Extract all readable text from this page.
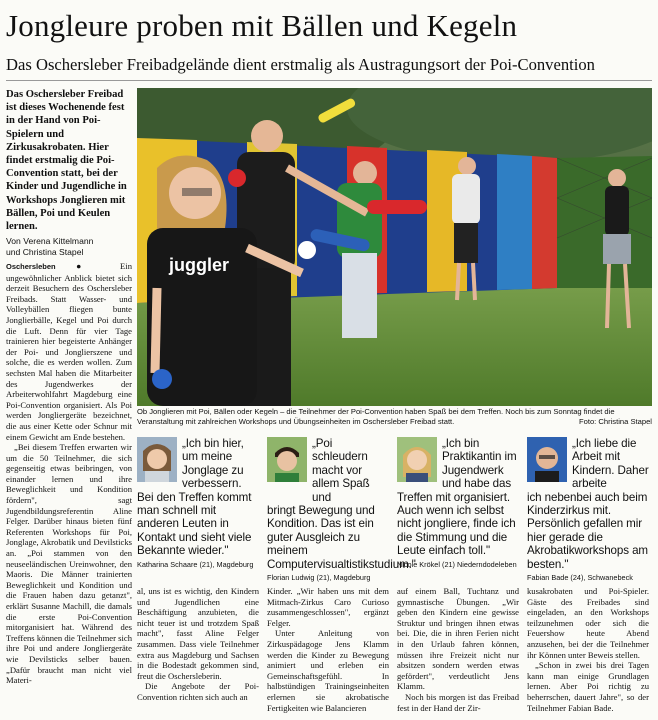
Jongleure proben mit Bällen und Kegeln
Das Oschersleber Freibadgelände dient erstmalig als Austragungsort der Poi-Convention
Das Oschersleber Freibad ist dieses Wochenende fest in der Hand von Poi-Spielern und Zirkusakrobaten. Hier findet erstmalig die Poi-Convention statt, bei der Kinder und Jugendliche in Workshops Jonglieren mit Bällen, Poi und Keulen lernen.
Von Verena Kittelmann
und Christina Stapel

Oschersleben ● Ein ungewöhnlicher Anblick bietet sich derzeit Besuchern des Oschersleber Freibads. Statt Wasser- und Volleybällen fliegen bunte Jonglierbälle, Kegel und Poi durch die Luft. Denn für vier Tage trainieren hier begeisterte Anhänger der Poi- und Jonglierszene und solche, die es werden wollen. Zum sechsten Mal haben die Mitarbeiter des Jugendwerkes der Arbeiterwohlfahrt Magdeburg eine Poi-Convention organisiert. Als Poi werden Jongliergeräte bezeichnet, die aus einer Kette oder Schnur mit einem Gewicht am Ende bestehen.

„Bei diesem Treffen erwarten wir um die 50 Teilnehmer, die sich gegenseitig etwas beibringen, von einander lernen und ihre Beweglichkeit und Kondition fördern", sagt Jugendbildungsreferentin Aline Felger. Darüber hinaus bieten fünf Referenten Workshops für Poi, Jonglage, Akrobatik und Devilsticks an. „Poi stammen von den neuseeländischen Ureinwohner, den Maoris. Die Männer trainierten Beweglichkeit und Kondition und die Frauen haben dazu getanzt", erklärt Susanne Machill, die damals die erste Poi-Convention mitorganisiert hat. Während des Treffens können die Teilnehmer sich ihre Poi und andere Jongliergeräte wie Devilsticks selber bauen. „Dafür braucht man nicht viel Materi-

juggler
Ob Jonglieren mit Poi, Bällen oder Kegeln – die Teilnehmer der Poi-Convention haben Spaß bei dem Treffen. Noch bis zum Sonntag findet die Veranstaltung mit zahlreichen Workshops und Übungseinheiten im Oschersleber Freibad statt.	Foto: Christina Stapel
„Ich bin hier, um meine Jonglage zu verbessern.
Bei den Treffen kommt man schnell mit anderen Leuten in Kontakt und sieht viele Bekannte wieder."
Katharina Schaare (21), Magdeburg
„Poi schleudern macht vor allem Spaß und
bringt Bewegung und Kondition. Das ist ein guter Ausgleich zu meinem Computervisualtistikstudium."
Florian Ludwig (21), Magdeburg
„Ich bin Praktikantin im Jugendwerk und habe das
Treffen mit organisiert. Auch wenn ich selbst nicht jongliere, finde ich die Stimmung und die Leute einfach toll."
Nicole Krökel (21) Niederndodeleben
„Ich liebe die Arbeit mit Kindern. Daher arbeite
ich nebenbei auch beim Kinderzirkus mit. Persönlich gefallen mir hier gerade die Akrobatikworkshops am besten."
Fabian Bade (24), Schwanebeck

al, uns ist es wichtig, den Kindern und Jugendlichen eine Beschäftigung anzubieten, die nicht teuer ist und trotzdem Spaß macht", fasst Aline Felger zusammen. Dass viele Teilnehmer extra aus Magdeburg und Sachsen in die Bodestadt gekommen sind, freut die Oschersleberin.

Die Angebote der Poi-Convention richten sich auch an

Kinder. „Wir haben uns mit dem Mitmach-Zirkus Caro Curioso zusammengeschlossen", ergänzt Felger.

Unter Anleitung von Zirkuspädagoge Jens Klamm werden die Kinder zu Bewegung animiert und erleben ein Gemeinschaftsgefühl. In halbstündigen Trainingseinheiten erlernen sie akrobatische Fertigkeiten wie Balancieren

auf einem Ball, Tuchtanz und gymnastische Übungen. „Wir geben den Kindern eine gewisse Struktur und bringen ihnen etwas bei. Die, die in ihren Ferien nicht in den Urlaub fahren können, müssen ihre Freizeit nicht nur absitzen sondern werden etwas gefördert", verdeutlicht Jens Klamm.

Noch bis morgen ist das Freibad fest in der Hand der Zir-

kusakrobaten und Poi-Spieler. Gäste des Freibades sind eingeladen, an den Workshops teilzunehmen oder sich die Feuershow heute Abend anzusehen, bei der die Teilnehmer ihr Können unter Beweis stellen.

„Schon in zwei bis drei Tagen kann man einige Grundlagen lernen. Aber Poi richtig zu beherrschen, dauert Jahre", so der Teilnehmer Fabian Bade.
